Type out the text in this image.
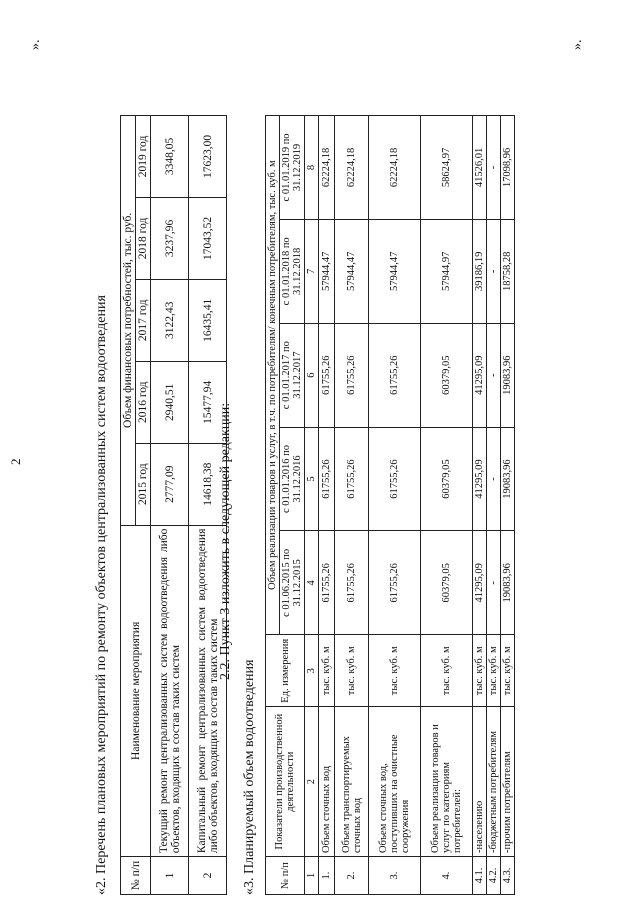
2
».
«2. Перечень плановых мероприятий по ремонту объектов централизованных систем водоотведения № п/п	Наименование мероприятия	Объем финансовых потребностей, тыс. руб.				
		2015 год	2016 год	2017 год	2018 год	2019 год
1	Текущий ремонт централизованных систем водоотведения либо объектов, входящих в состав таких систем	2777,09	2940,51	3122,43	3237,96	3348,05
2	Капитальный ремонт централизованных систем водоотведения либо объектов, входящих в состав таких систем	14618,38	15477,94	16435,41	17043,52	17623,00
2.2. Пункт 3 изложить в следующей редакции:
«3. Планируемый объем водоотведения № п/п	Показатели производственной деятельности	Ед. измерения	Объем реализации товаров и услуг, в т.ч. по потребителям/ конечным потребителям, тыс. куб. м				
			с 01.06.2015 по 31.12.2015	с 01.01.2016 по 31.12.2016	с 01.01.2017 по 31.12.2017	с 01.01.2018 по 31.12.2018	с 01.01.2019 по 31.12.2019
1	2	3	4	5	6	7	8
1.	Объем сточных вод	тыс. куб. м	61755,26	61755,26	61755,26	57944,47	62224,18
2.	Объем транспортируемых сточных вод	тыс. куб. м	61755,26	61755,26	61755,26	57944,47	62224,18
3.	Объем сточных вод, поступивших на очистные сооружения	тыс. куб. м	61755,26	61755,26	61755,26	57944,47	62224,18
4.	Объем реализации товаров и услуг по категориям потребителей:	тыс. куб. м	60379,05	60379,05	60379,05	57944,97	58624,97
4.1.	-населению	тыс. куб. м	41295,09	41295,09	41295,09	39186,19	41526,01
4.2.	-бюджетным потребителям	тыс. куб. м	-	-	-	-	-
4.3.	-прочим потребителям	тыс. куб. м	19083,96	19083,96	19083,96	18758,28	17098,96
».
